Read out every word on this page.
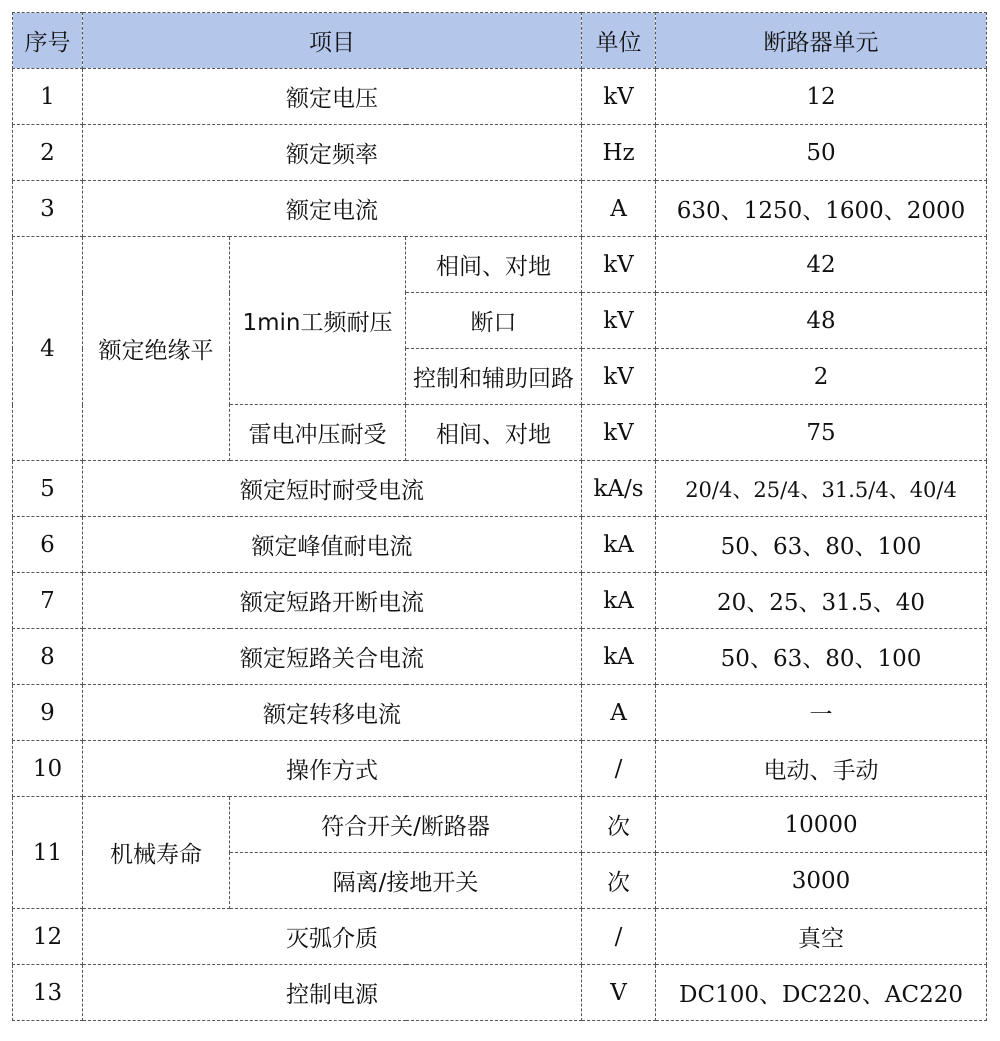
序号	项目			单位	断路器单元
1	额定电压			kV	12
2	额定频率			Hz	50
3	额定电流			A	630、1250、1600、2000
4	额定绝缘平	1min工频耐压	相间、对地	kV	42
			断口	kV	48
			控制和辅助回路	kV	2
		雷电冲压耐受	相间、对地	kV	75
5	额定短时耐受电流			kA/s	20/4、25/4、31.5/4、40/4
6	额定峰值耐电流			kA	50、63、80、100
7	额定短路开断电流			kA	20、25、31.5、40
8	额定短路关合电流			kA	50、63、80、100
9	额定转移电流			A	一
10	操作方式			/	电动、手动
11	机械寿命	符合开关/断路器		次	10000
		隔离/接地开关		次	3000
12	灭弧介质			/	真空
13	控制电源			V	DC100、DC220、AC220
